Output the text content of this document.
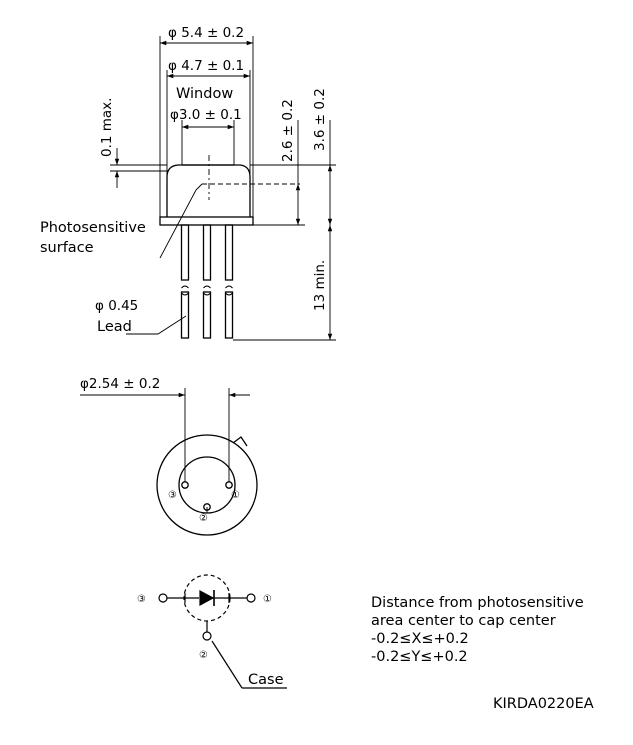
φ 5.4 ± 0.2
φ 4.7 ± 0.1
Window
φ3.0 ± 0.1
0.1 max.	2.6 ± 0.2 3.6 ± 0.2
13 min.
Photosensitive
surface
φ 0.45
Lead
φ2.54 ± 0.2
③	①
②
③	①
②
Case
Distance from photosensitive
area center to cap center
-0.2≤X≤+0.2
-0.2≤Y≤+0.2
KIRDA0220EA
